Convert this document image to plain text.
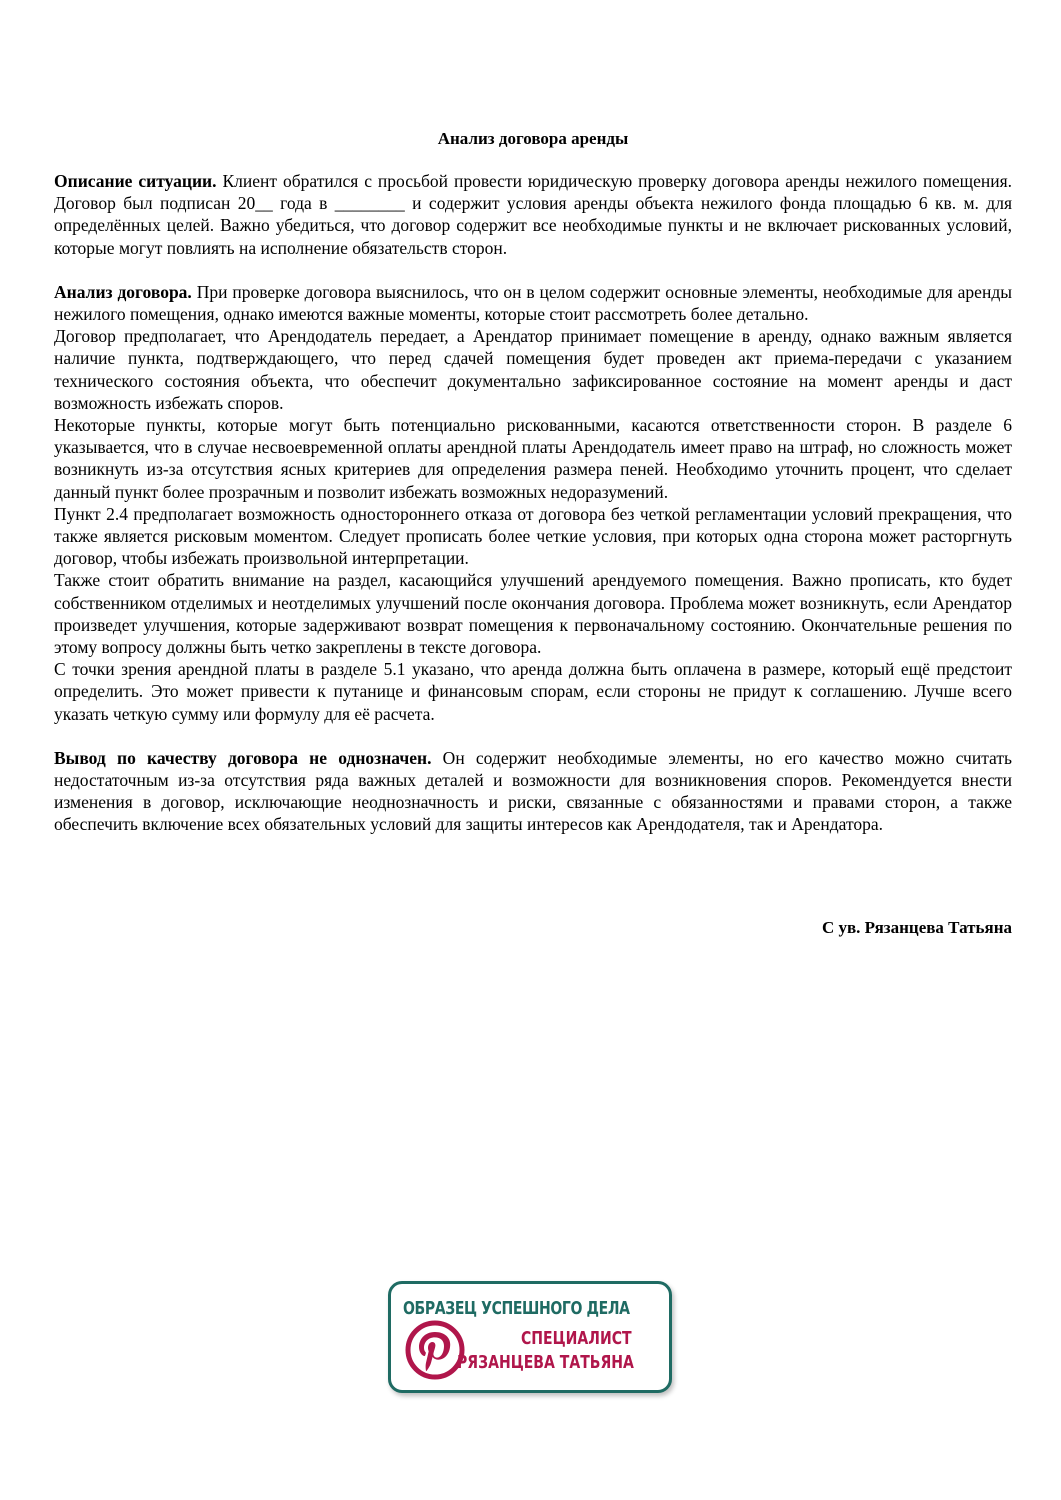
Анализ договора аренды

Описание ситуации. Клиент обратился с просьбой провести юридическую проверку договора аренды нежилого помещения. Договор был подписан 20__ года в ________ и содержит условия аренды объекта нежилого фонда площадью 6 кв. м. для определённых целей. Важно убедиться, что договор содержит все необходимые пункты и не включает рискованных условий, которые могут повлиять на исполнение обязательств сторон.

Анализ договора. При проверке договора выяснилось, что он в целом содержит основные элементы, необходимые для аренды нежилого помещения, однако имеются важные моменты, которые стоит рассмотреть более детально.

Договор предполагает, что Арендодатель передает, а Арендатор принимает помещение в аренду, однако важным является наличие пункта, подтверждающего, что перед сдачей помещения будет проведен акт приема-передачи с указанием технического состояния объекта, что обеспечит документально зафиксированное состояние на момент аренды и даст возможность избежать споров.

Некоторые пункты, которые могут быть потенциально рискованными, касаются ответственности сторон. В разделе 6 указывается, что в случае несвоевременной оплаты арендной платы Арендодатель имеет право на штраф, но сложность может возникнуть из-за отсутствия ясных критериев для определения размера пеней. Необходимо уточнить процент, что сделает данный пункт более прозрачным и позволит избежать возможных недоразумений.

Пункт 2.4 предполагает возможность одностороннего отказа от договора без четкой регламентации условий прекращения, что также является рисковым моментом. Следует прописать более четкие условия, при которых одна сторона может расторгнуть договор, чтобы избежать произвольной интерпретации.

Также стоит обратить внимание на раздел, касающийся улучшений арендуемого помещения. Важно прописать, кто будет собственником отделимых и неотделимых улучшений после окончания договора. Проблема может возникнуть, если Арендатор произведет улучшения, которые задерживают возврат помещения к первоначальному состоянию. Окончательные решения по этому вопросу должны быть четко закреплены в тексте договора.

С точки зрения арендной платы в разделе 5.1 указано, что аренда должна быть оплачена в размере, который ещё предстоит определить. Это может привести к путанице и финансовым спорам, если стороны не придут к соглашению. Лучше всего указать четкую сумму или формулу для её расчета.

Вывод по качеству договора не однозначен. Он содержит необходимые элементы, но его качество можно считать недостаточным из-за отсутствия ряда важных деталей и возможности для возникновения споров. Рекомендуется внести изменения в договор, исключающие неоднозначность и риски, связанные с обязанностями и правами сторон, а также обеспечить включение всех обязательных условий для защиты интересов как Арендодателя, так и Арендатора.

С ув. Рязанцева Татьяна
ОБРАЗЕЦ УСПЕШНОГО ДЕЛА
СПЕЦИАЛИСТ
РЯЗАНЦЕВА ТАТЬЯНА
